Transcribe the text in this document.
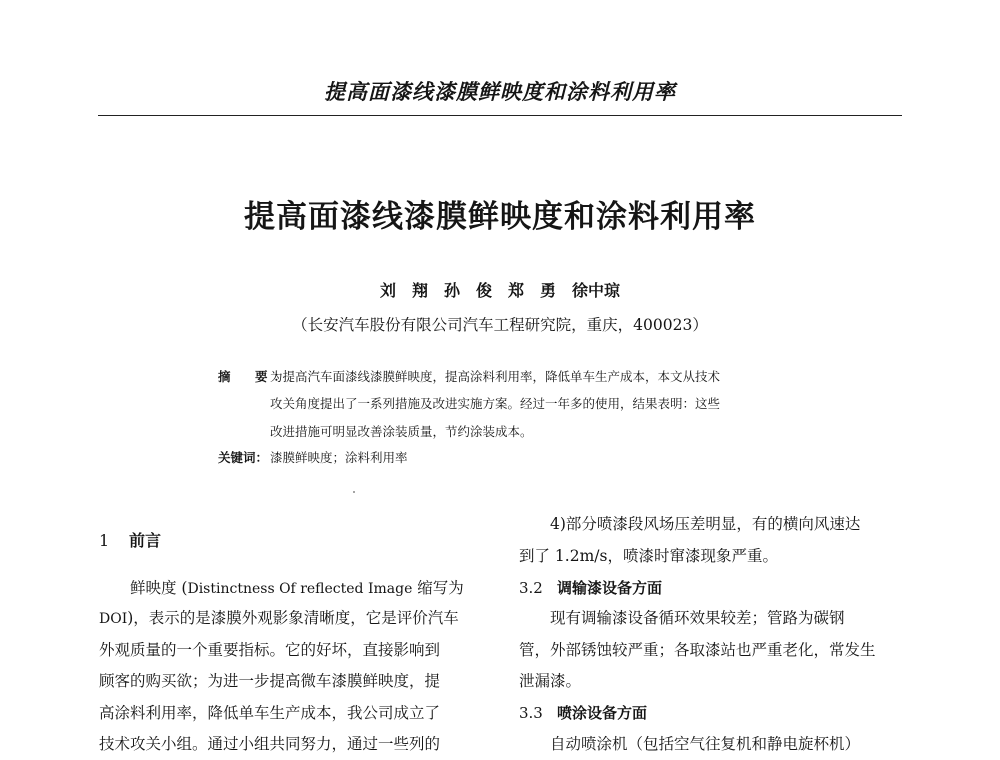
提高面漆线漆膜鲜映度和涂料利用率
提高面漆线漆膜鲜映度和涂料利用率
刘　翔　孙　俊　郑　勇　徐中琼
（长安汽车股份有限公司汽车工程研究院，重庆，400023）
摘　要：
为提高汽车面漆线漆膜鲜映度，提高涂料利用率，降低单车生产成本，本文从技术
攻关角度提出了一系列措施及改进实施方案。经过一年多的使用，结果表明：这些
改进措施可明显改善涂装质量，节约涂装成本。
关键词： 漆膜鲜映度；涂料利用率
1 前言
鲜映度 (Distinctness Of reflected Image 缩写为
DOI)，表示的是漆膜外观影象清晰度，它是评价汽车
外观质量的一个重要指标。它的好坏，直接影响到
顾客的购买欲；为进一步提高微车漆膜鲜映度，提
高涂料利用率，降低单车生产成本，我公司成立了
技术攻关小组。通过小组共同努力，通过一些列的
4)部分喷漆段风场压差明显，有的横向风速达
到了 1.2m/s，喷漆时窜漆现象严重。
3.2 调输漆设备方面
现有调输漆设备循环效果较差；管路为碳钢
管，外部锈蚀较严重；各取漆站也严重老化，常发生
泄漏漆。
3.3 喷涂设备方面
自动喷涂机（包括空气往复机和静电旋杯机）
